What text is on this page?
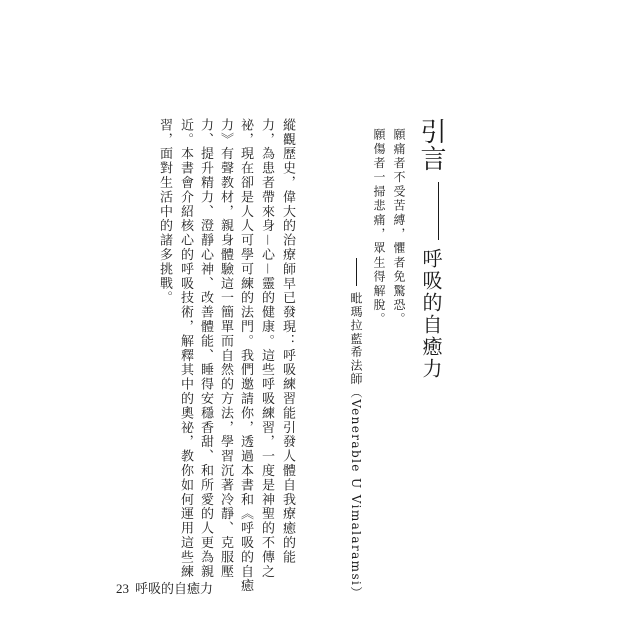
引言呼吸的自癒力
願痛者不受苦縛，懼者免驚恐。
願傷者一掃悲痛，眾生得解脫。
毗瑪拉藍希法師（Venerable U Vimalaramsi）
縱觀歷史，偉大的治療師早已發現：呼吸練習能引發人體自我療癒的能
力，為患者帶來身－心－靈的健康。這些呼吸練習，一度是神聖的不傳之
祕，現在卻是人人可學可練的法門。我們邀請你，透過本書和《呼吸的自癒
力》有聲教材，親身體驗這一簡單而自然的方法，學習沉著冷靜、克服壓
力、提升精力、澄靜心神、改善體能、睡得安穩香甜、和所愛的人更為親
近。本書會介紹核心的呼吸技術，解釋其中的奧祕，教你如何運用這些練
習，面對生活中的諸多挑戰。
23 呼吸的自癒力
